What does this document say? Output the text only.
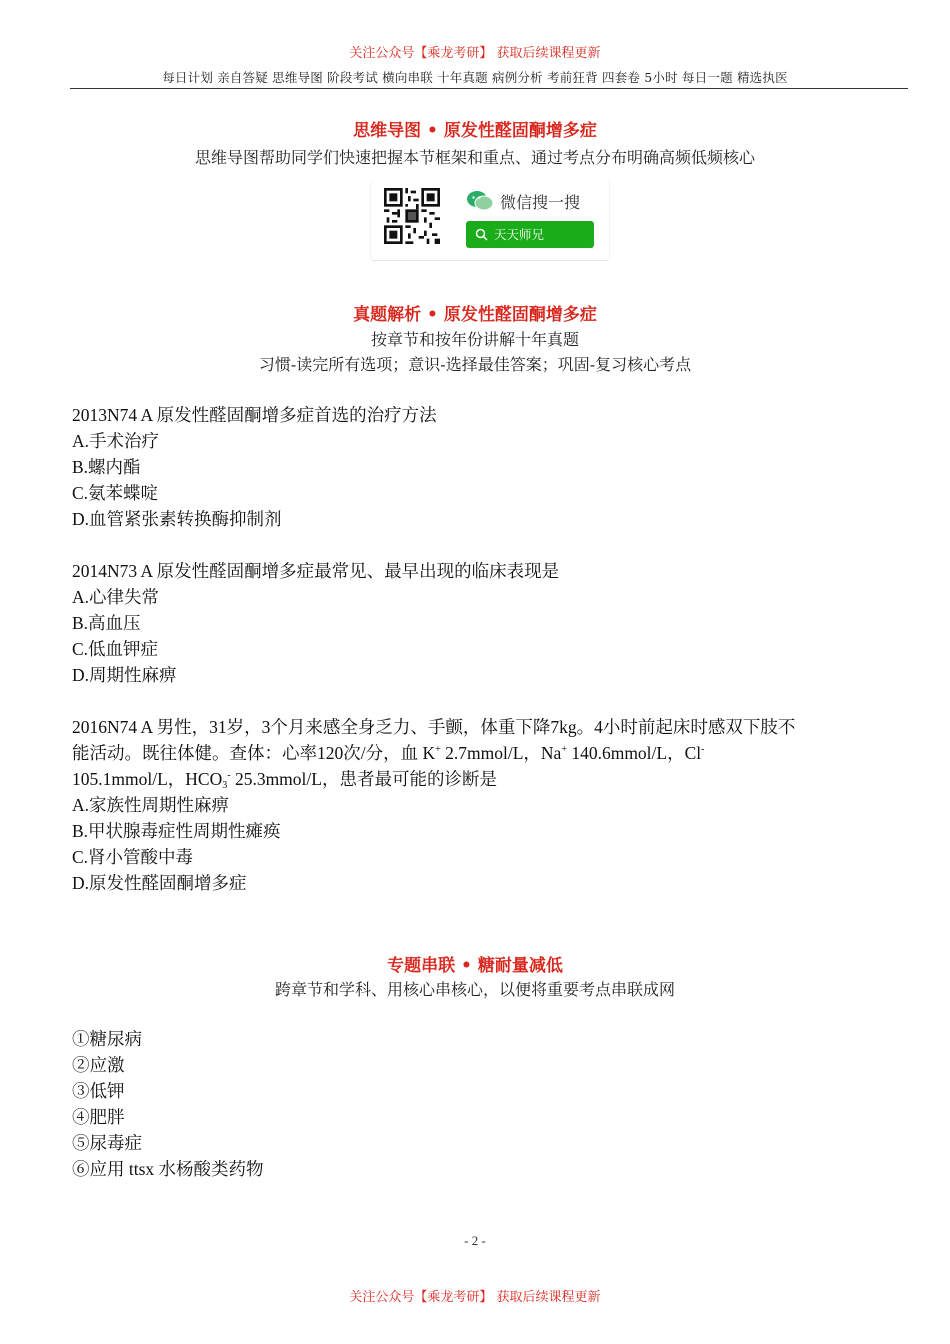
关注公众号【乘龙考研】 获取后续课程更新
每日计划 亲自答疑 思维导图 阶段考试 横向串联 十年真题 病例分析 考前狂背 四套卷 5小时 每日一题 精选执医
思维导图 • 原发性醛固酮增多症
思维导图帮助同学们快速把握本节框架和重点、通过考点分布明确高频低频核心
微信搜一搜
天天师兄
真题解析 • 原发性醛固酮增多症
按章节和按年份讲解十年真题
习惯-读完所有选项；意识-选择最佳答案；巩固-复习核心考点
2013N74 A 原发性醛固酮增多症首选的治疗方法
A.手术治疗
B.螺内酯
C.氨苯蝶啶
D.血管紧张素转换酶抑制剂
2014N73 A 原发性醛固酮增多症最常见、最早出现的临床表现是
A.心律失常
B.高血压
C.低血钾症
D.周期性麻痹
2016N74 A 男性，31岁，3个月来感全身乏力、手颤，体重下降7kg。4小时前起床时感双下肢不
能活动。既往体健。查体：心率120次/分，血 K+ 2.7mmol/L，Na+ 140.6mmol/L，Cl-
105.1mmol/L，$HCO_3^-$ 25.3mmol/L，患者最可能的诊断是
A.家族性周期性麻痹
B.甲状腺毒症性周期性瘫痪
C.肾小管酸中毒
D.原发性醛固酮增多症
专题串联 • 糖耐量减低
跨章节和学科、用核心串核心，以便将重要考点串联成网
①糖尿病
②应激
③低钾
④肥胖
⑤尿毒症
⑥应用 ttsx 水杨酸类药物
- 2 -
关注公众号【乘龙考研】 获取后续课程更新
